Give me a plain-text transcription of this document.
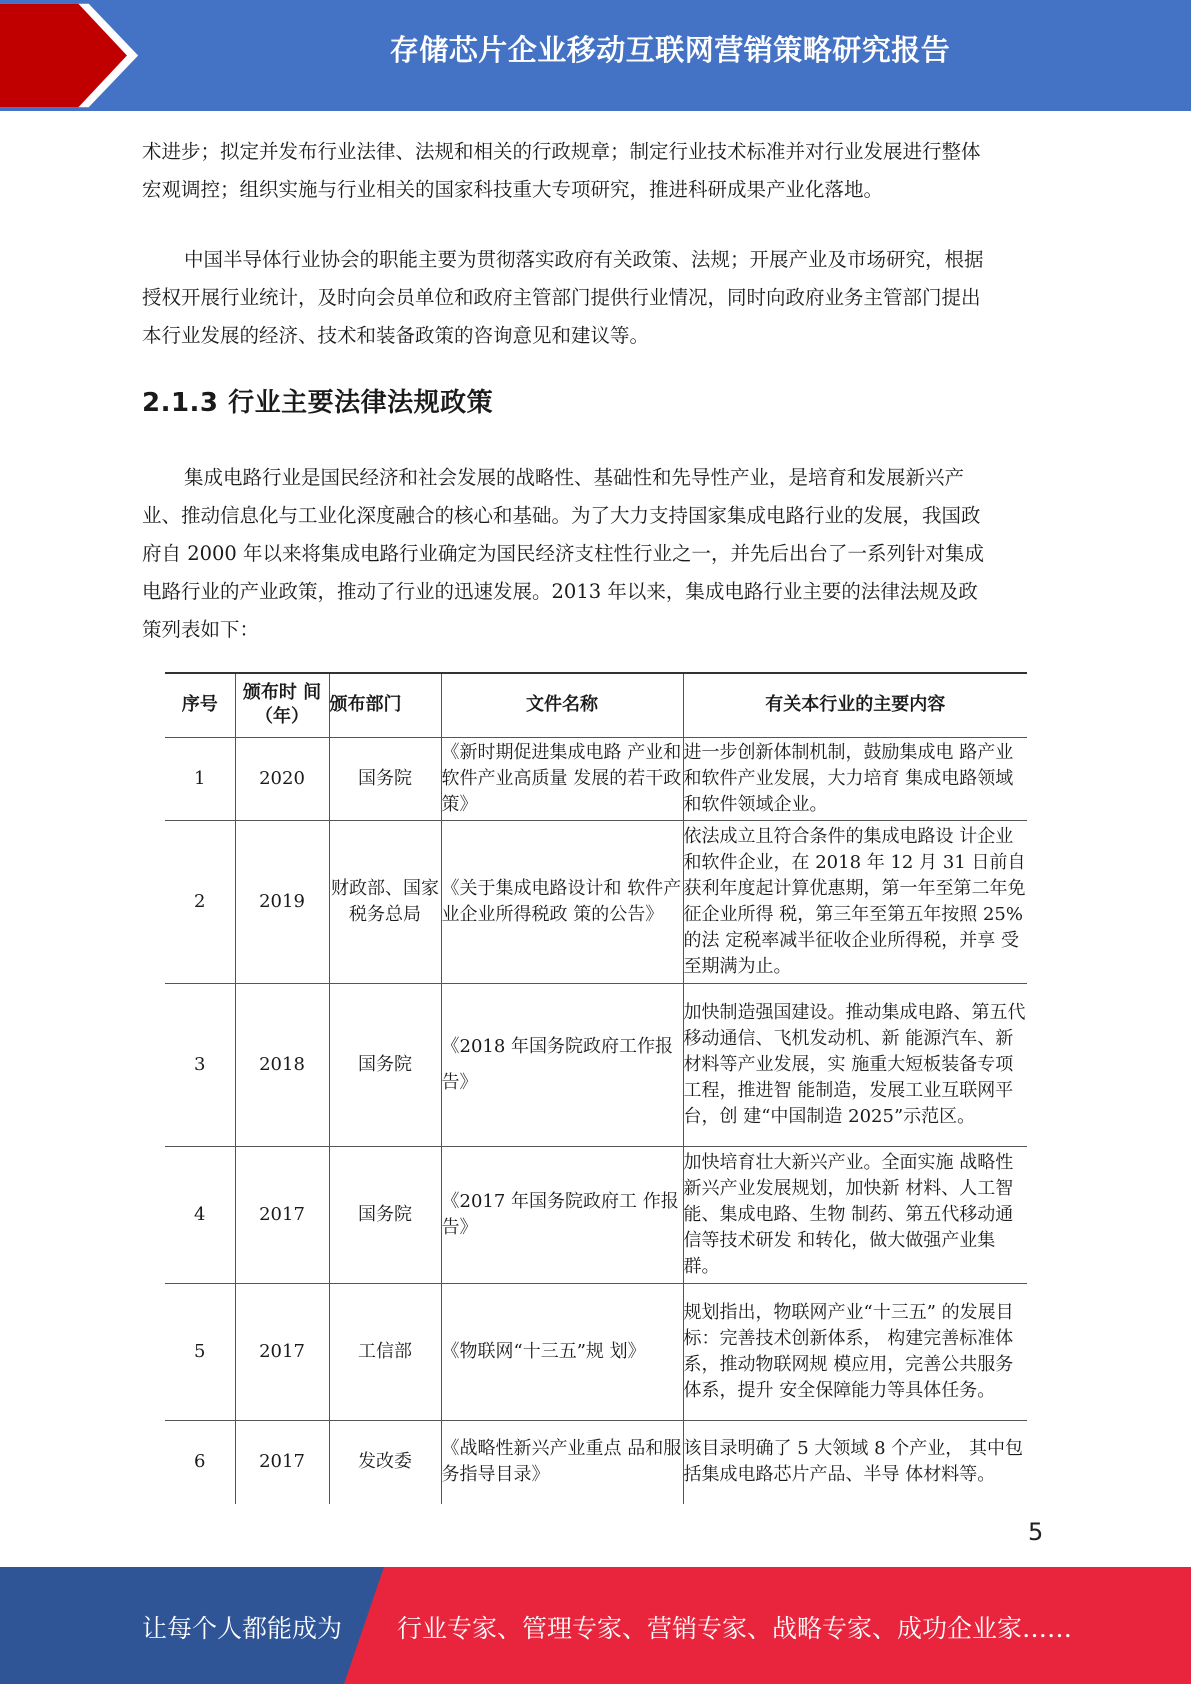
存储芯片企业移动互联网营销策略研究报告

术进步；拟定并发布行业法律、法规和相关的行政规章；制定行业技术标准并对行业发展进行整体

宏观调控；组织实施与行业相关的国家科技重大专项研究，推进科研成果产业化落地。

中国半导体行业协会的职能主要为贯彻落实政府有关政策、法规；开展产业及市场研究，根据

授权开展行业统计，及时向会员单位和政府主管部门提供行业情况，同时向政府业务主管部门提出

本行业发展的经济、技术和装备政策的咨询意见和建议等。

2.1.3 行业主要法律法规政策

集成电路行业是国民经济和社会发展的战略性、基础性和先导性产业，是培育和发展新兴产

业、推动信息化与工业化深度融合的核心和基础。为了大力支持国家集成电路行业的发展，我国政

府自 2000 年以来将集成电路行业确定为国民经济支柱性行业之一，并先后出台了一系列针对集成

电路行业的产业政策，推动了行业的迅速发展。2013 年以来，集成电路行业主要的法律法规及政

策列表如下：

序号	颁布时 间（年）	颁布部门	文件名称	有关本行业的主要内容
1	2020	国务院	《新时期促进集成电路 产业和软件产业高质量 发展的若干政策》	进一步创新体制机制，鼓励集成电 路产业和软件产业发展，大力培育 集成电路领域和软件领域企业。
2	2019	财政部、国家税务总局	《关于集成电路设计和 软件产业企业所得税政 策的公告》	依法成立且符合条件的集成电路设 计企业和软件企业，在 2018 年 12 月 31 日前自获利年度起计算优惠期，第一年至第二年免征企业所得 税，第三年至第五年按照 25%的法 定税率减半征收企业所得税，并享 受至期满为止。
3	2018	国务院	《2018 年国务院政府工作报告》	加快制造强国建设。推动集成电路、第五代移动通信、飞机发动机、新 能源汽车、新材料等产业发展，实 施重大短板装备专项工程，推进智 能制造，发展工业互联网平台，创 建“中国制造 2025”示范区。
4	2017	国务院	《2017 年国务院政府工 作报告》	加快培育壮大新兴产业。全面实施 战略性新兴产业发展规划，加快新 材料、人工智能、集成电路、生物 制药、第五代移动通信等技术研发 和转化，做大做强产业集群。
5	2017	工信部	《物联网“十三五”规 划》	规划指出，物联网产业“十三五” 的发展目标：完善技术创新体系， 构建完善标准体系，推动物联网规 模应用，完善公共服务体系，提升 安全保障能力等具体任务。
6	2017	发改委	《战略性新兴产业重点 品和服务指导目录》	该目录明确了 5 大领域 8 个产业， 其中包括集成电路芯片产品、半导 体材料等。
5
让每个人都能成为 行业专家、管理专家、营销专家、战略专家、成功企业家……
